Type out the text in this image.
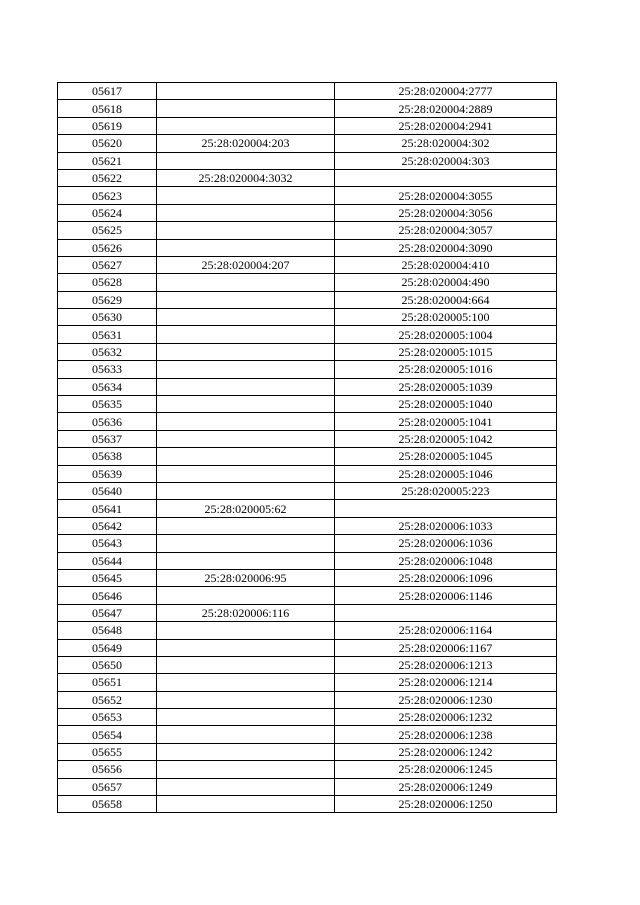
05617		25:28:020004:2777
05618		25:28:020004:2889
05619		25:28:020004:2941
05620	25:28:020004:203	25:28:020004:302
05621		25:28:020004:303
05622	25:28:020004:3032	
05623		25:28:020004:3055
05624		25:28:020004:3056
05625		25:28:020004:3057
05626		25:28:020004:3090
05627	25:28:020004:207	25:28:020004:410
05628		25:28:020004:490
05629		25:28:020004:664
05630		25:28:020005:100
05631		25:28:020005:1004
05632		25:28:020005:1015
05633		25:28:020005:1016
05634		25:28:020005:1039
05635		25:28:020005:1040
05636		25:28:020005:1041
05637		25:28:020005:1042
05638		25:28:020005:1045
05639		25:28:020005:1046
05640		25:28:020005:223
05641	25:28:020005:62	
05642		25:28:020006:1033
05643		25:28:020006:1036
05644		25:28:020006:1048
05645	25:28:020006:95	25:28:020006:1096
05646		25:28:020006:1146
05647	25:28:020006:116	
05648		25:28:020006:1164
05649		25:28:020006:1167
05650		25:28:020006:1213
05651		25:28:020006:1214
05652		25:28:020006:1230
05653		25:28:020006:1232
05654		25:28:020006:1238
05655		25:28:020006:1242
05656		25:28:020006:1245
05657		25:28:020006:1249
05658		25:28:020006:1250
